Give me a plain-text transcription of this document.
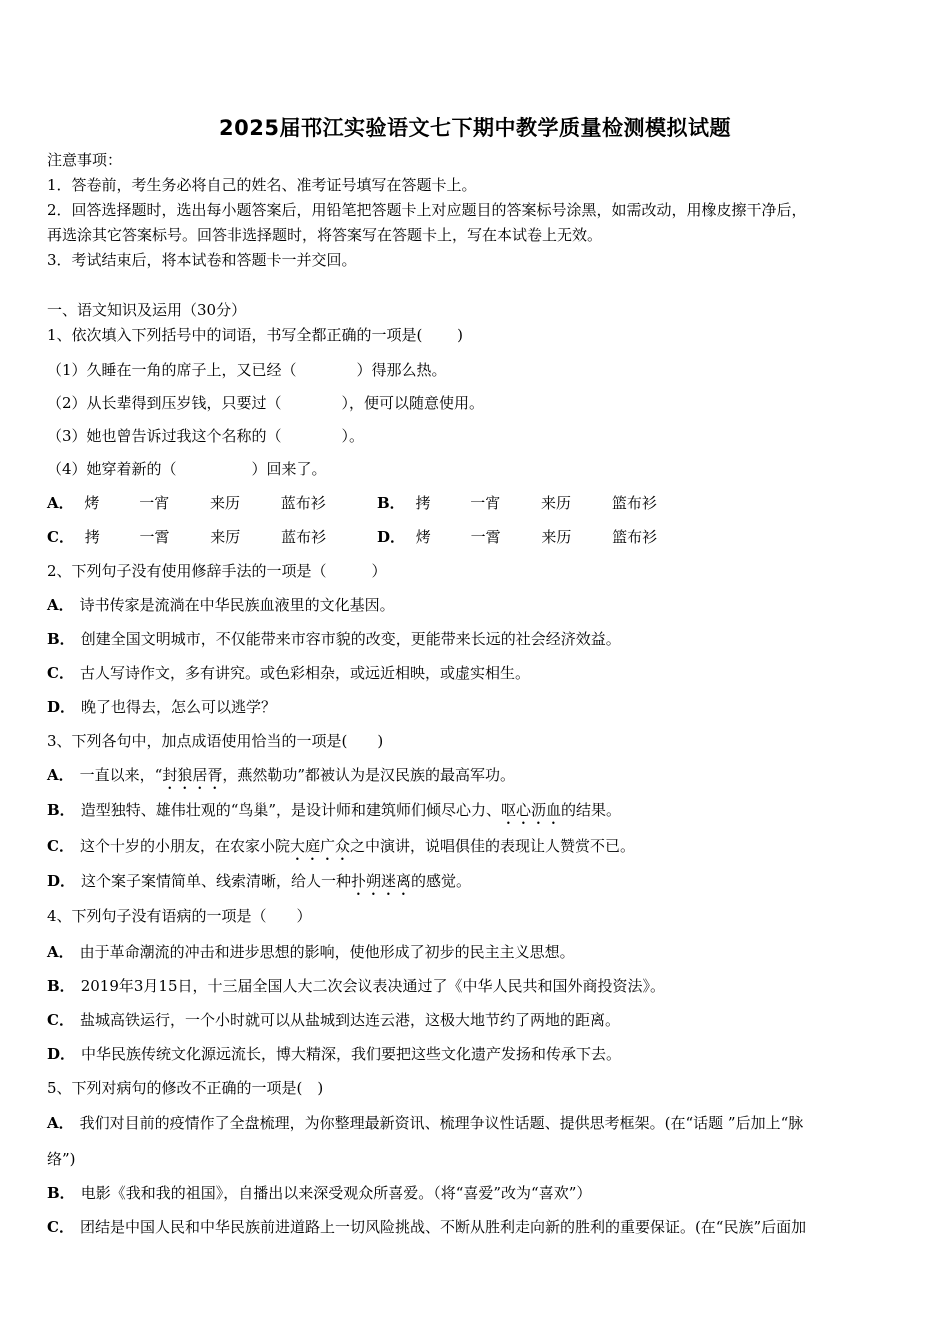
2025届邗江实验语文七下期中教学质量检测模拟试题
注意事项：
1．答卷前，考生务必将自己的姓名、准考证号填写在答题卡上。
2．回答选择题时，选出每小题答案后，用铅笔把答题卡上对应题目的答案标号涂黑，如需改动，用橡皮擦干净后，
再选涂其它答案标号。回答非选择题时，将答案写在答题卡上，写在本试卷上无效。
3．考试结束后，将本试卷和答题卡一并交回。
一、语文知识及运用（30分）
1、依次填入下列括号中的词语，书写全都正确的一项是(　　 )
（1）久睡在一角的席子上，又已经（　　　　）得那么热。
（2）从长辈得到压岁钱，只要过（　　　　），便可以随意使用。
（3）她也曾告诉过我这个名称的（　　　　）。
（4）她穿着新的（　　　　　）回来了。
A． 烤	一宵	来历	蓝布衫	B． 拷	一宵	来历	篮布衫
C． 拷	一霄	来厉	蓝布衫	D． 烤	一霄	来历	篮布衫
2、下列句子没有使用修辞手法的一项是（　　　）
A． 诗书传家是流淌在中华民族血液里的文化基因。
B． 创建全国文明城市，不仅能带来市容市貌的改变，更能带来长远的社会经济效益。
C． 古人写诗作文，多有讲究。或色彩相杂，或远近相映，或虚实相生。
D． 晚了也得去，怎么可以逃学？
3、下列各句中，加点成语使用恰当的一项是(　　)
A． 一直以来，“封狼居胥，燕然勒功”都被认为是汉民族的最高军功。
B． 造型独特、雄伟壮观的“鸟巢”，是设计师和建筑师们倾尽心力、呕心沥血的结果。
C． 这个十岁的小朋友，在农家小院大庭广众之中演讲，说唱俱佳的表现让人赞赏不已。
D． 这个案子案情简单、线索清晰，给人一种扑朔迷离的感觉。
4、下列句子没有语病的一项是（　　）
A． 由于革命潮流的冲击和进步思想的影响，使他形成了初步的民主主义思想。
B． 2019年3月15日，十三届全国人大二次会议表决通过了《中华人民共和国外商投资法》。
C． 盐城高铁运行，一个小时就可以从盐城到达连云港，这极大地节约了两地的距离。
D． 中华民族传统文化源远流长，博大精深，我们要把这些文化遗产发扬和传承下去。
5、下列对病句的修改不正确的一项是(　)
A． 我们对目前的疫情作了全盘梳理，为你整理最新资讯、梳理争议性话题、提供思考框架。(在“话题 ”后加上“脉
络”)
B． 电影《我和我的祖国》，自播出以来深受观众所喜爱。（将“喜爱”改为“喜欢”）
C． 团结是中国人民和中华民族前进道路上一切风险挑战、不断从胜利走向新的胜利的重要保证。(在“民族”后面加
